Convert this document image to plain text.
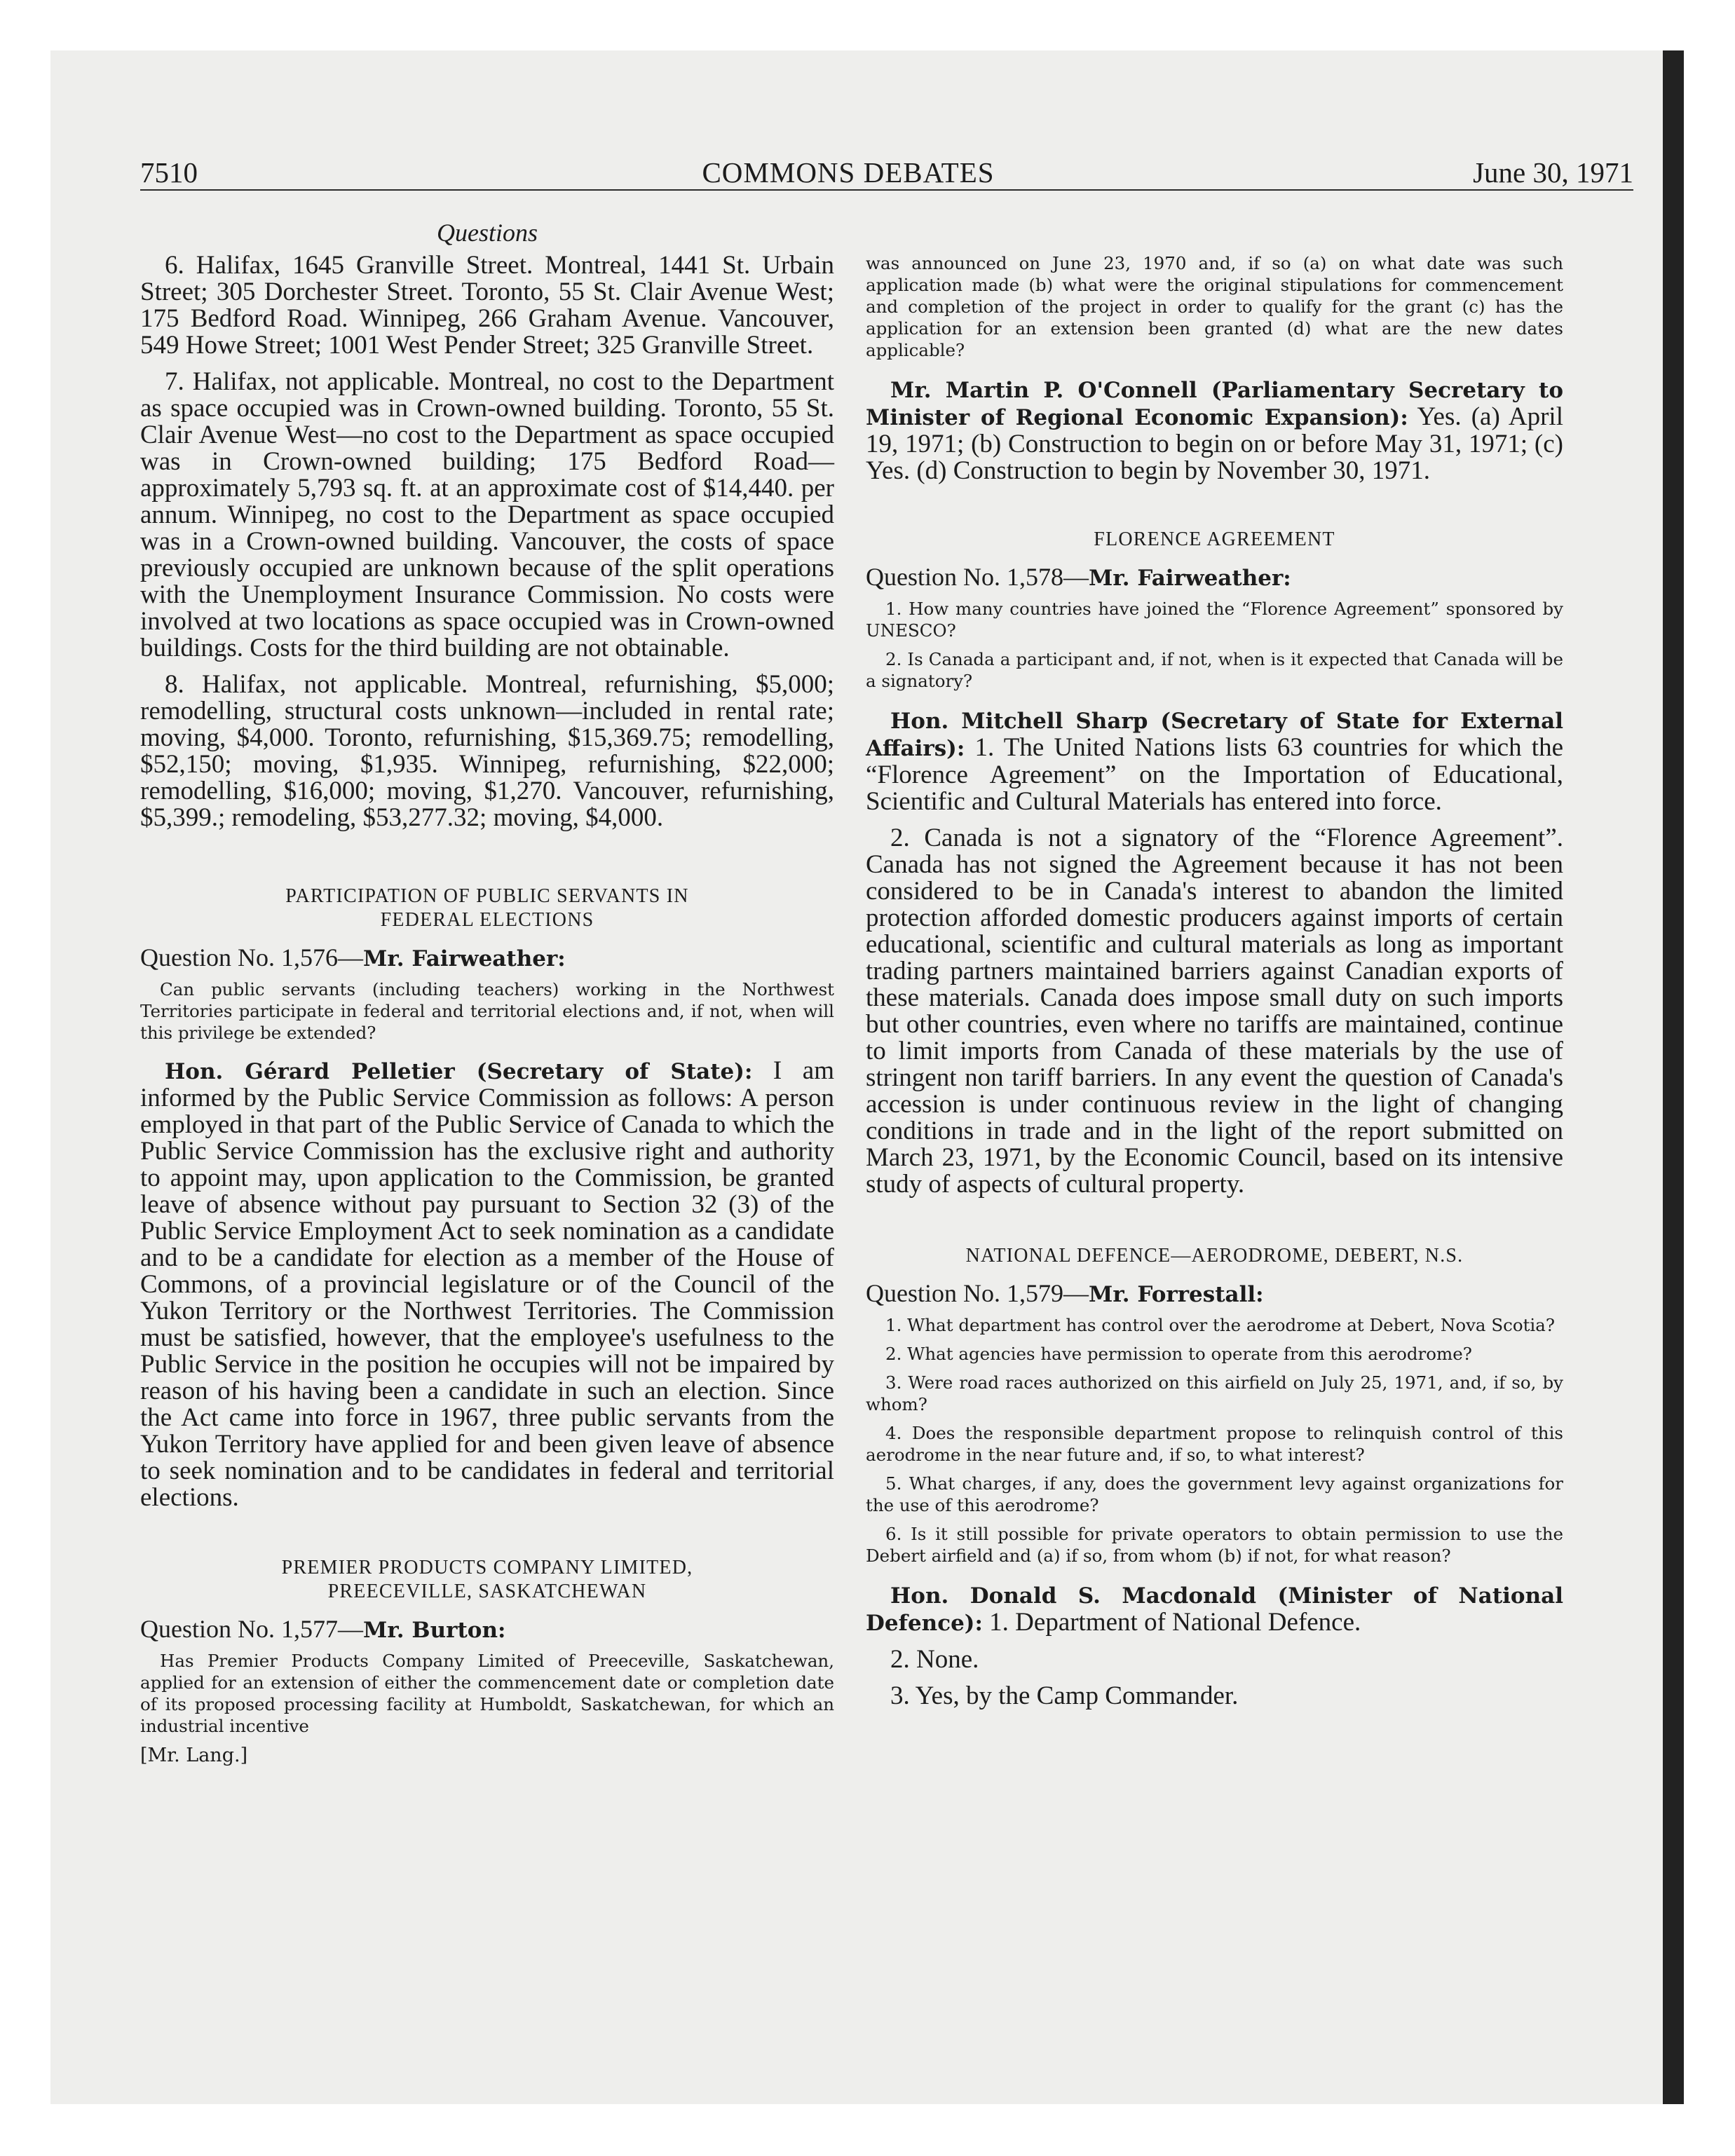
7510	COMMONS DEBATES	June 30, 1971
Questions

6. Halifax, 1645 Granville Street. Montreal, 1441 St. Urbain Street; 305 Dorchester Street. Toronto, 55 St. Clair Avenue West; 175 Bedford Road. Winnipeg, 266 Graham Avenue. Vancouver, 549 Howe Street; 1001 West Pender Street; 325 Granville Street.

7. Halifax, not applicable. Montreal, no cost to the Department as space occupied was in Crown-owned building. Toronto, 55 St. Clair Avenue West—no cost to the Department as space occupied was in Crown-owned building; 175 Bedford Road—approximately 5,793 sq. ft. at an approximate cost of $14,440. per annum. Winnipeg, no cost to the Department as space occupied was in a Crown-owned building. Vancouver, the costs of space previously occupied are unknown because of the split operations with the Unemployment Insurance Commission. No costs were involved at two locations as space occupied was in Crown-owned buildings. Costs for the third building are not obtainable.

8. Halifax, not applicable. Montreal, refurnishing, $5,000; remodelling, structural costs unknown—included in rental rate; moving, $4,000. Toronto, refurnishing, $15,369.75; remodelling, $52,150; moving, $1,935. Winnipeg, refurnishing, $22,000; remodelling, $16,000; moving, $1,270. Vancouver, refurnishing, $5,399.; remodeling, $53,277.32; moving, $4,000.

PARTICIPATION OF PUBLIC SERVANTS IN
FEDERAL ELECTIONS
Question No. 1,576—Mr. Fairweather:

Can public servants (including teachers) working in the Northwest Territories participate in federal and territorial elections and, if not, when will this privilege be extended?

Hon. Gérard Pelletier (Secretary of State): I am informed by the Public Service Commission as follows: A person employed in that part of the Public Service of Canada to which the Public Service Commission has the exclusive right and authority to appoint may, upon application to the Commission, be granted leave of absence without pay pursuant to Section 32 (3) of the Public Service Employment Act to seek nomination as a candidate and to be a candidate for election as a member of the House of Commons, of a provincial legislature or of the Council of the Yukon Territory or the Northwest Territories. The Commission must be satisfied, however, that the employee's usefulness to the Public Service in the position he occupies will not be impaired by reason of his having been a candidate in such an election. Since the Act came into force in 1967, three public servants from the Yukon Territory have applied for and been given leave of absence to seek nomination and to be candidates in federal and territorial elections.

PREMIER PRODUCTS COMPANY LIMITED,
PREECEVILLE, SASKATCHEWAN
Question No. 1,577—Mr. Burton:

Has Premier Products Company Limited of Preeceville, Saskatchewan, applied for an extension of either the commencement date or completion date of its proposed processing facility at Humboldt, Saskatchewan, for which an industrial incentive

[Mr. Lang.]

was announced on June 23, 1970 and, if so (a) on what date was such application made (b) what were the original stipulations for commencement and completion of the project in order to qualify for the grant (c) has the application for an extension been granted (d) what are the new dates applicable?

Mr. Martin P. O'Connell (Parliamentary Secretary to Minister of Regional Economic Expansion): Yes. (a) April 19, 1971; (b) Construction to begin on or before May 31, 1971; (c) Yes. (d) Construction to begin by November 30, 1971.

FLORENCE AGREEMENT
Question No. 1,578—Mr. Fairweather:

1. How many countries have joined the “Florence Agreement” sponsored by UNESCO?

2. Is Canada a participant and, if not, when is it expected that Canada will be a signatory?

Hon. Mitchell Sharp (Secretary of State for External Affairs): 1. The United Nations lists 63 countries for which the “Florence Agreement” on the Importation of Educational, Scientific and Cultural Materials has entered into force.

2. Canada is not a signatory of the “Florence Agreement”. Canada has not signed the Agreement because it has not been considered to be in Canada's interest to abandon the limited protection afforded domestic producers against imports of certain educational, scientific and cultural materials as long as important trading partners maintained barriers against Canadian exports of these materials. Canada does impose small duty on such imports but other countries, even where no tariffs are maintained, continue to limit imports from Canada of these materials by the use of stringent non tariff barriers. In any event the question of Canada's accession is under continuous review in the light of changing conditions in trade and in the light of the report submitted on March 23, 1971, by the Economic Council, based on its intensive study of aspects of cultural property.

NATIONAL DEFENCE—AERODROME, DEBERT, N.S.
Question No. 1,579—Mr. Forrestall:

1. What department has control over the aerodrome at Debert, Nova Scotia?

2. What agencies have permission to operate from this aerodrome?

3. Were road races authorized on this airfield on July 25, 1971, and, if so, by whom?

4. Does the responsible department propose to relinquish control of this aerodrome in the near future and, if so, to what interest?

5. What charges, if any, does the government levy against organizations for the use of this aerodrome?

6. Is it still possible for private operators to obtain permission to use the Debert airfield and (a) if so, from whom (b) if not, for what reason?

Hon. Donald S. Macdonald (Minister of National Defence): 1. Department of National Defence.

2. None.

3. Yes, by the Camp Commander.
